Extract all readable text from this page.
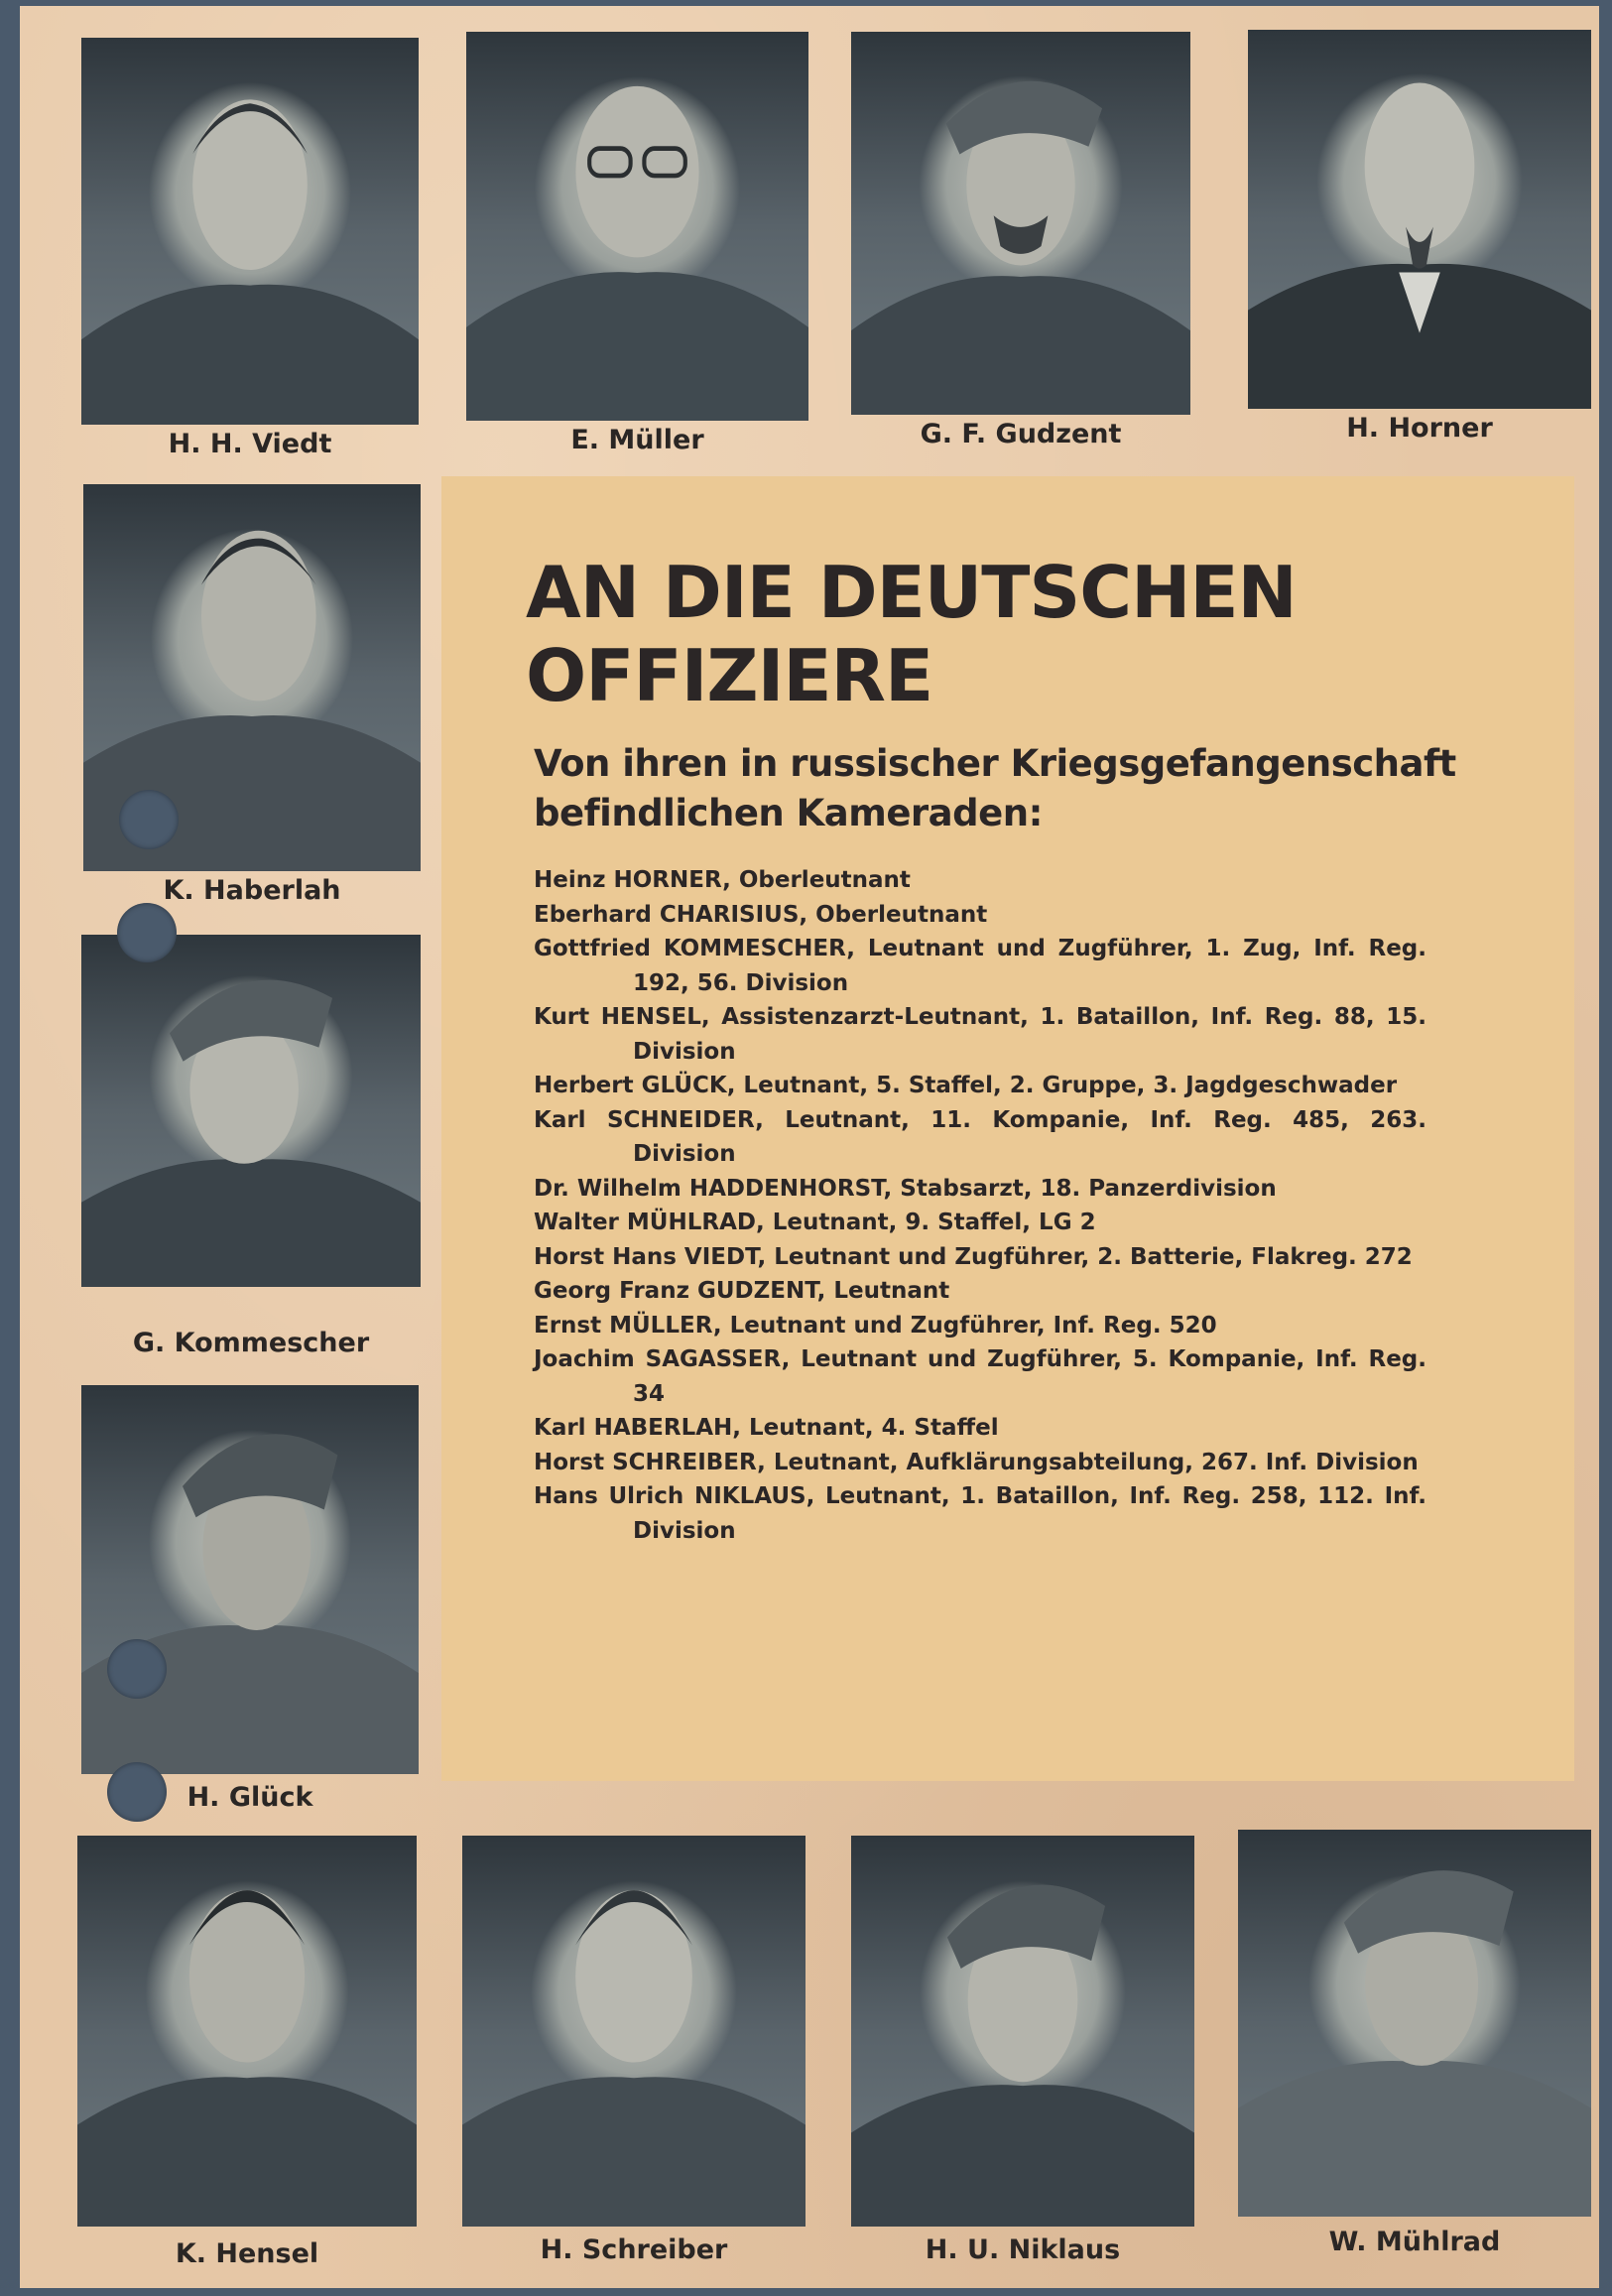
H. H. Viedt	E. Müller	G. F. Gudzent	H. Horner
K. Haberlah
G. Kommescher
H. Glück
K. Hensel	H. Schreiber	H. U. Niklaus	W. Mühlrad
AN DIE DEUTSCHEN
OFFIZIERE

Von ihren in russischer Kriegsgefangenschaft befindlichen Kameraden:

Heinz HORNER, Oberleutnant
Eberhard CHARISIUS, Oberleutnant
Gottfried KOMMESCHER, Leutnant und Zugführer, 1. Zug, Inf. Reg. 192, 56. Division
Kurt HENSEL, Assistenzarzt-Leutnant, 1. Bataillon, Inf. Reg. 88, 15. Division
Herbert GLÜCK, Leutnant, 5. Staffel, 2. Gruppe, 3. Jagdgeschwader
Karl SCHNEIDER, Leutnant, 11. Kompanie, Inf. Reg. 485, 263. Division
Dr. Wilhelm HADDENHORST, Stabsarzt, 18. Panzerdivision
Walter MÜHLRAD, Leutnant, 9. Staffel, LG 2
Horst Hans VIEDT, Leutnant und Zugführer, 2. Batterie, Flakreg. 272
Georg Franz GUDZENT, Leutnant
Ernst MÜLLER, Leutnant und Zugführer, Inf. Reg. 520
Joachim SAGASSER, Leutnant und Zugführer, 5. Kompanie, Inf. Reg. 34
Karl HABERLAH, Leutnant, 4. Staffel
Horst SCHREIBER, Leutnant, Aufklärungsabteilung, 267. Inf. Division
Hans Ulrich NIKLAUS, Leutnant, 1. Bataillon, Inf. Reg. 258, 112. Inf. Division
